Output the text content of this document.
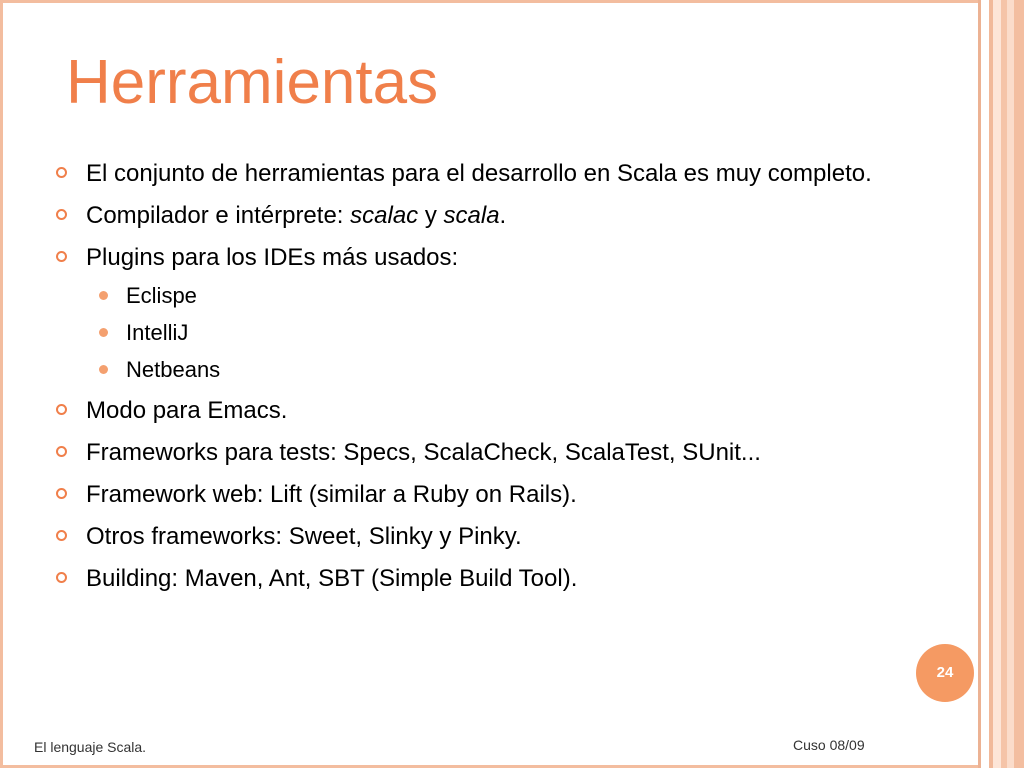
Herramientas
El conjunto de herramientas para el desarrollo en Scala es muy completo.
Compilador e intérprete: scalac y scala.
Plugins para los IDEs más usados:
Eclispe
IntelliJ
Netbeans
Modo para Emacs.
Frameworks para tests: Specs, ScalaCheck, ScalaTest, SUnit...
Framework web: Lift (similar a Ruby on Rails).
Otros frameworks: Sweet, Slinky y Pinky.
Building: Maven, Ant, SBT (Simple Build Tool).
24
El lenguaje Scala.	Cuso 08/09
